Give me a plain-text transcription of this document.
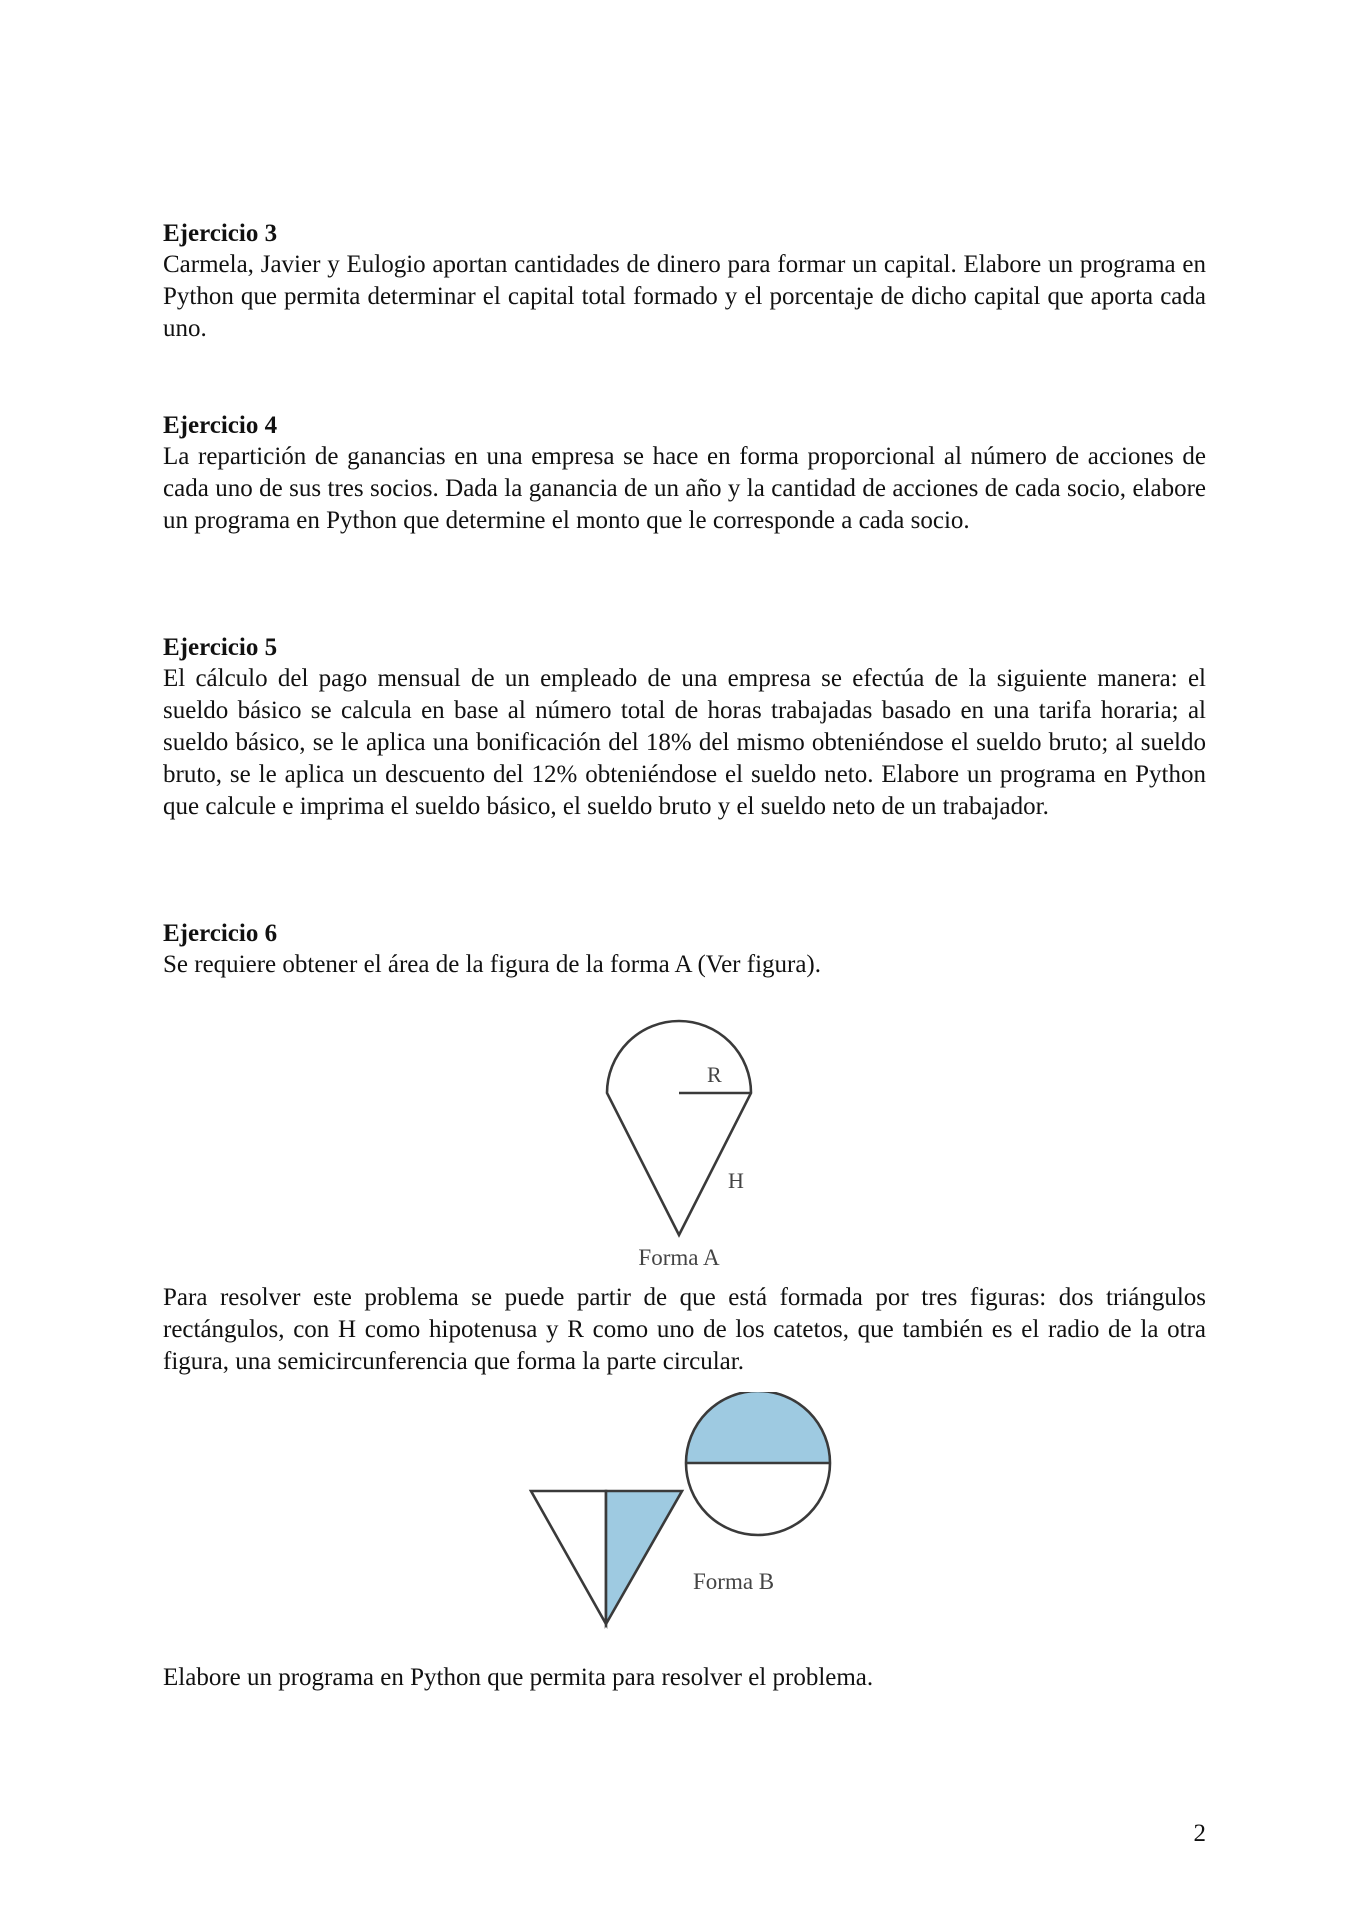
Ejercicio 3

Carmela, Javier y Eulogio aportan cantidades de dinero para formar un capital. Elabore un programa en Python que permita determinar el capital total formado y el porcentaje de dicho capital que aporta cada uno.

Ejercicio 4

La repartición de ganancias en una empresa se hace en forma proporcional al número de acciones de cada uno de sus tres socios. Dada la ganancia de un año y la cantidad de acciones de cada socio, elabore un programa en Python que determine el monto que le corresponde a cada socio.

Ejercicio 5

El cálculo del pago mensual de un empleado de una empresa se efectúa de la siguiente manera: el sueldo básico se calcula en base al número total de horas trabajadas basado en una tarifa horaria; al sueldo básico, se le aplica una bonificación del 18% del mismo obteniéndose el sueldo bruto; al sueldo bruto, se le aplica un descuento del 12% obteniéndose el sueldo neto. Elabore un programa en Python que calcule e imprima el sueldo básico, el sueldo bruto y el sueldo neto de un trabajador.

Ejercicio 6

Se requiere obtener el área de la figura de la forma A (Ver figura).

R
H
Forma A

Para resolver este problema se puede partir de que está formada por tres figuras: dos triángulos rectángulos, con H como hipotenusa y R como uno de los catetos, que también es el radio de la otra figura, una semicircunferencia que forma la parte circular.

Forma B

Elabore un programa en Python que permita para resolver el problema.

2
